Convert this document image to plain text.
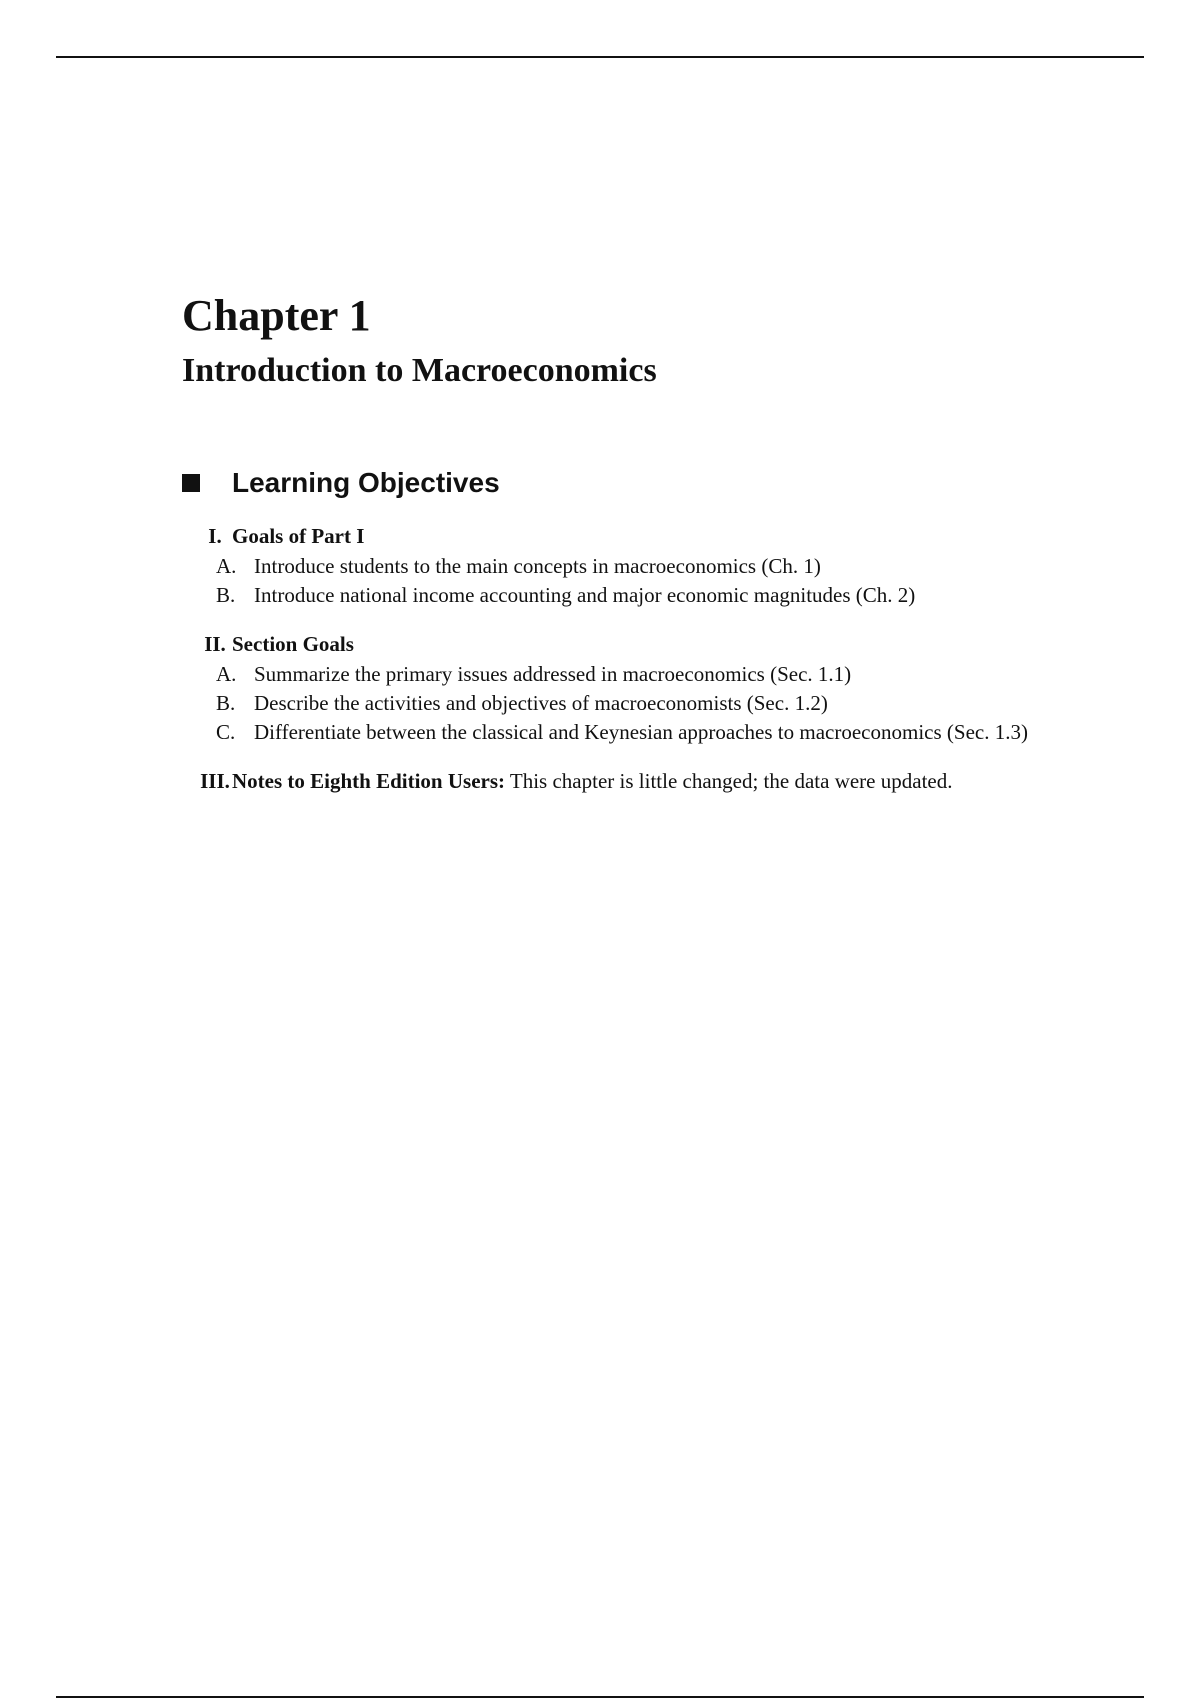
Chapter 1
Introduction to Macroeconomics
Learning Objectives
I. Goals of Part I
A. Introduce students to the main concepts in macroeconomics (Ch. 1)
B. Introduce national income accounting and major economic magnitudes (Ch. 2)
II. Section Goals
A. Summarize the primary issues addressed in macroeconomics (Sec. 1.1)
B. Describe the activities and objectives of macroeconomists (Sec. 1.2)
C. Differentiate between the classical and Keynesian approaches to macroeconomics (Sec. 1.3)
III. Notes to Eighth Edition Users: This chapter is little changed; the data were updated.
